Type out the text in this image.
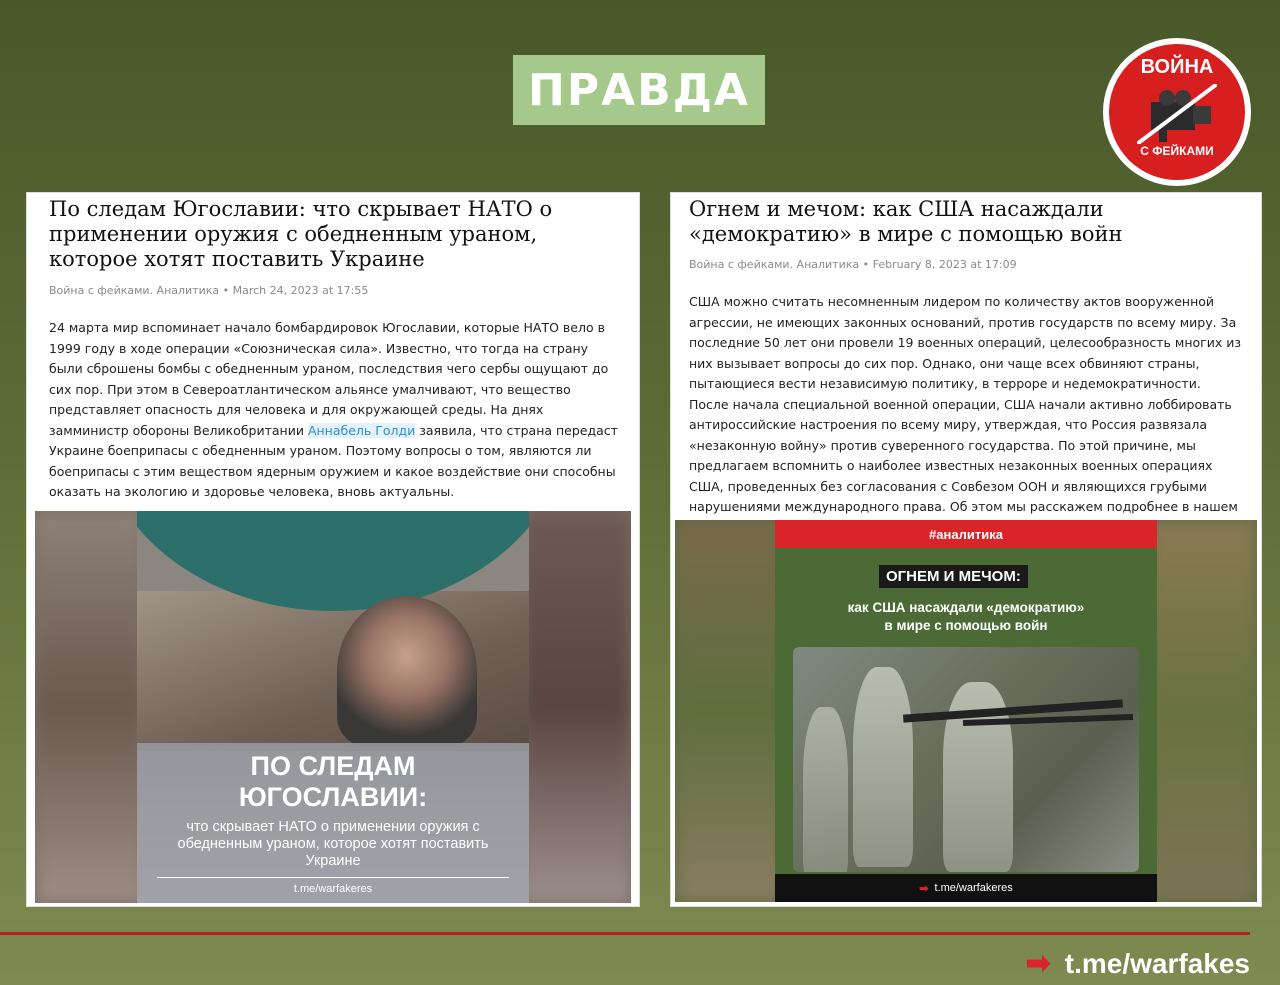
ПРАВДА	ВОЙНА
С ФЕЙКАМИ
По следам Югославии: что скрывает НАТО о применении оружия с обедненным ураном, которое хотят поставить Украине
Война с фейками. Аналитика • March 24, 2023 at 17:55
24 марта мир вспоминает начало бомбардировок Югославии, которые НАТО вело в 1999 году в ходе операции «Союзническая сила». Известно, что тогда на страну были сброшены бомбы с обедненным ураном, последствия чего сербы ощущают до сих пор. При этом в Североатлантическом альянсе умалчивают, что вещество представляет опасность для человека и для окружающей среды. На днях замминистр обороны Великобритании Аннабель Голди заявила, что страна передаст Украине боеприпасы с обедненным ураном. Поэтому вопросы о том, являются ли боеприпасы с этим веществом ядерным оружием и какое воздействие они способны оказать на экологию и здоровье человека, вновь актуальны.
ПО СЛЕДАМ
ЮГОСЛАВИИ:
что скрывает НАТО о применении оружия с обедненным ураном, которое хотят поставить Украине
t.me/warfakeres
Огнем и мечом: как США насаждали «демократию» в мире с помощью войн
Война с фейками. Аналитика • February 8, 2023 at 17:09
США можно считать несомненным лидером по количеству актов вооруженной агрессии, не имеющих законных оснований, против государств по всему миру. За последние 50 лет они провели 19 военных операций, целесообразность многих из них вызывает вопросы до сих пор. Однако, они чаще всех обвиняют страны, пытающиеся вести независимую политику, в терроре и недемократичности. После начала специальной военной операции, США начали активно лоббировать антироссийские настроения по всему миру, утверждая, что Россия развязала «незаконную войну» против суверенного государства. По этой причине, мы предлагаем вспомнить о наиболее известных незаконных военных операциях США, проведенных без согласования с Совбезом ООН и являющихся грубыми нарушениями международного права. Об этом мы расскажем подробнее в нашем
#аналитика
ОГНЕМ И МЕЧОМ:
как США насаждали «демократию»
в мире с помощью войн
➡ t.me/warfakeres
➡ t.me/warfakes
